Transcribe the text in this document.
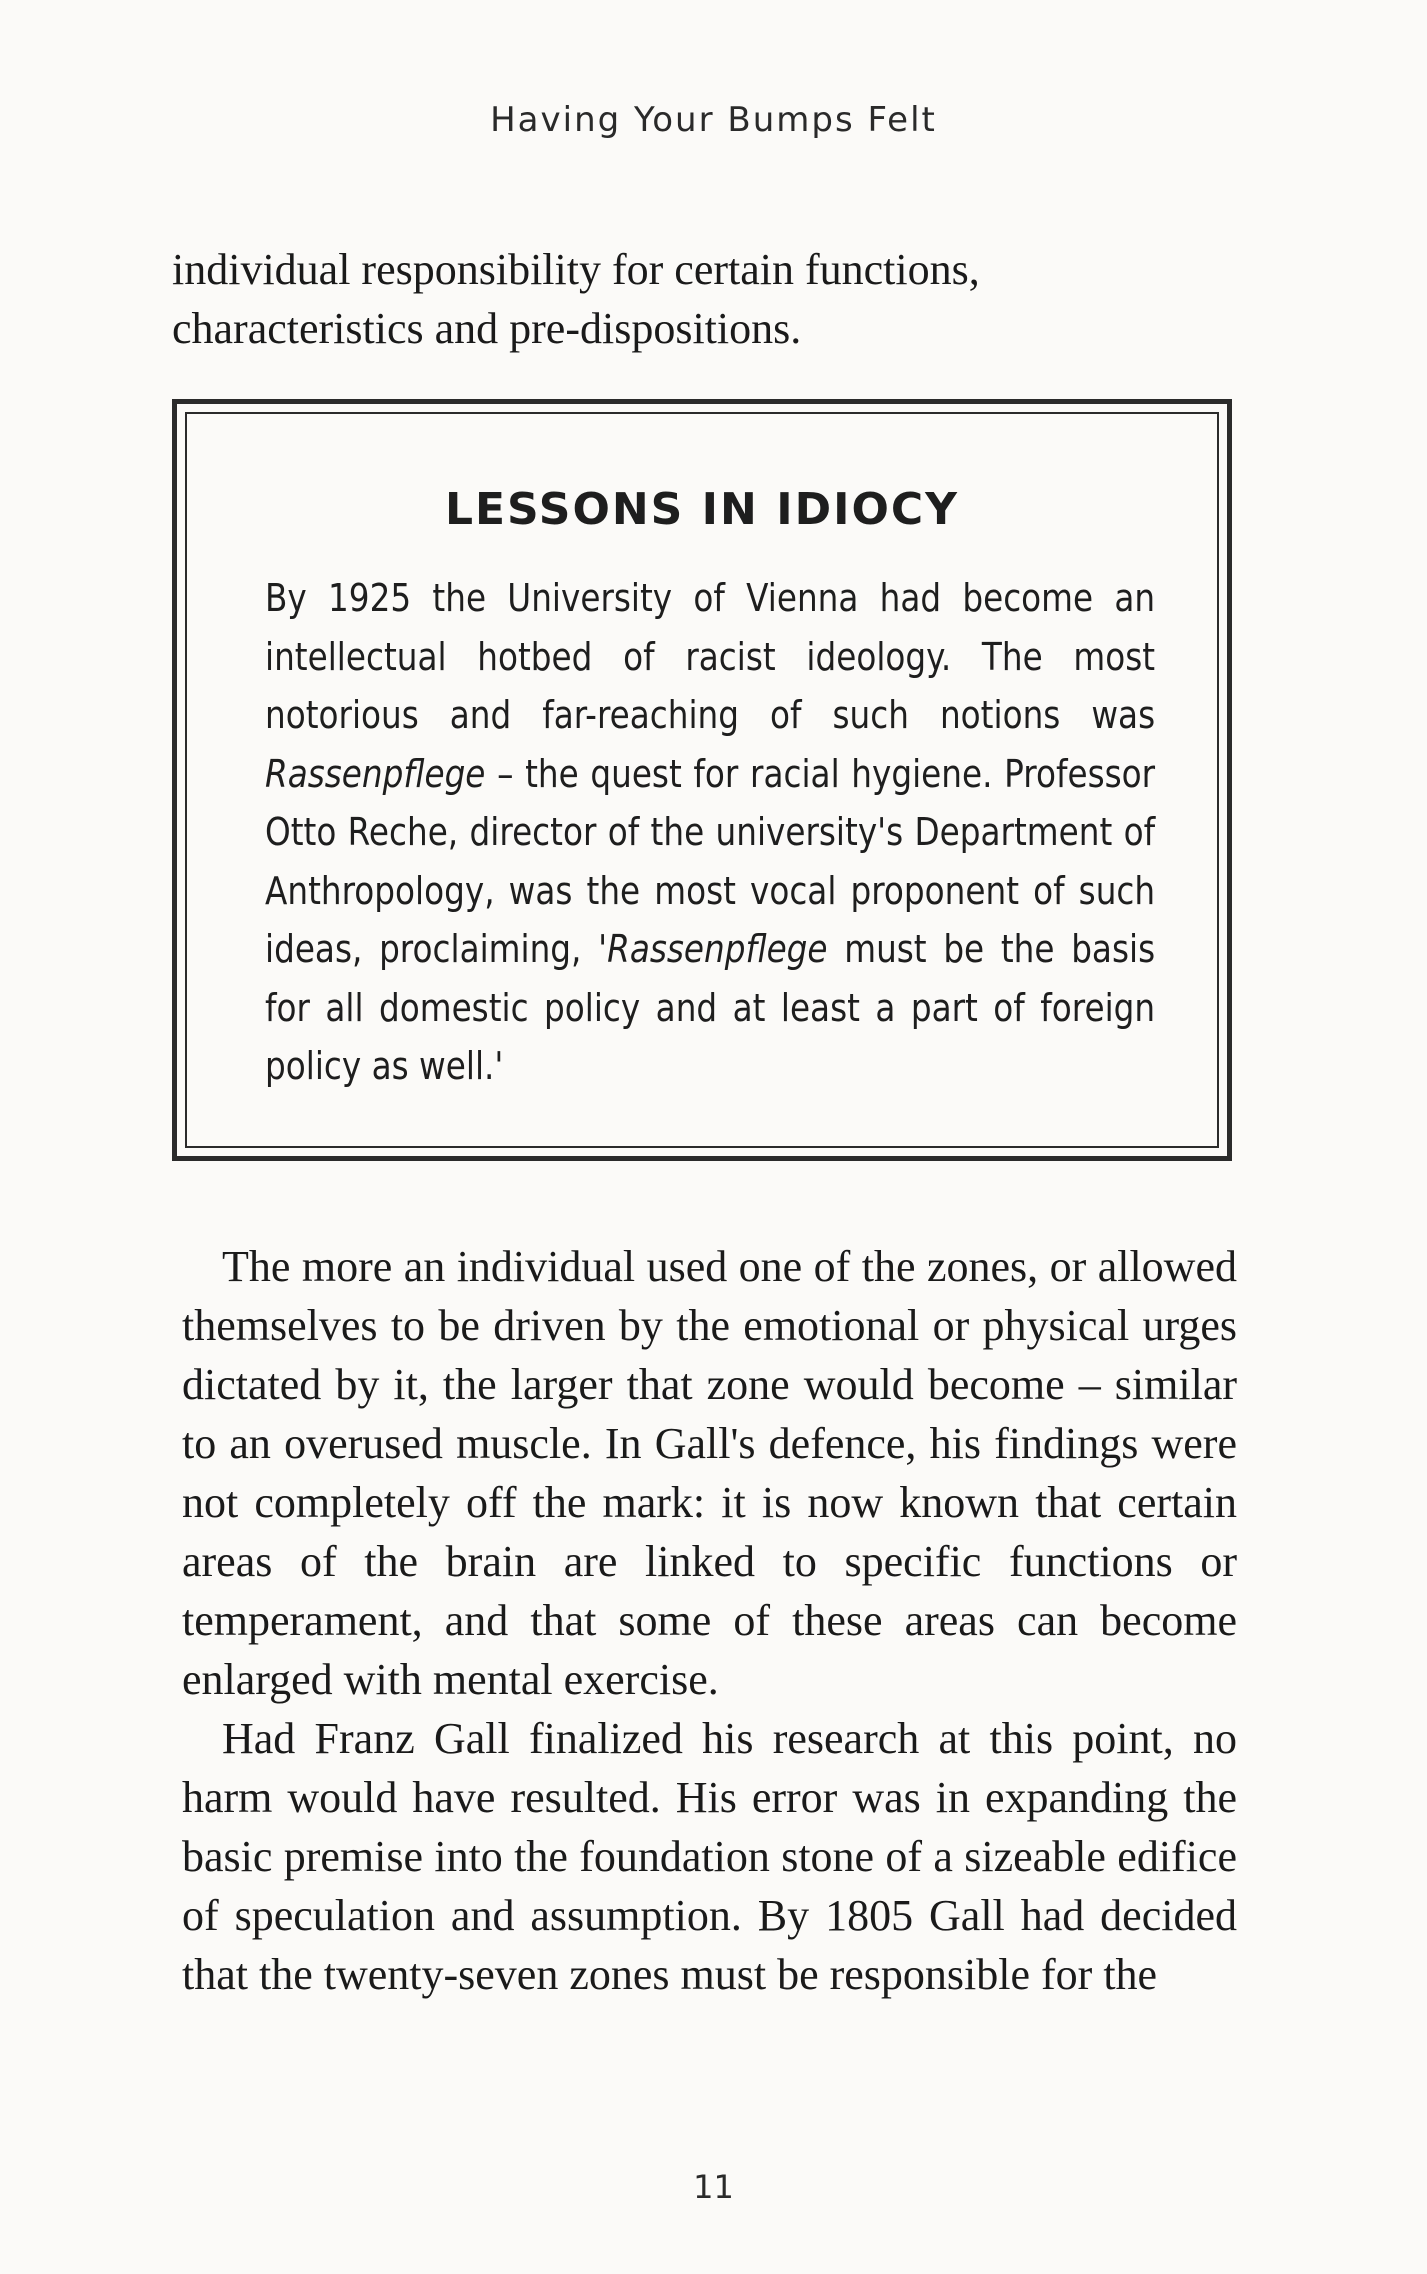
Having Your Bumps Felt

individual responsibility for certain functions, characteristics and pre-dispositions.

LESSONS IN IDIOCY

By 1925 the University of Vienna had become an intellectual hotbed of racist ideology. The most notorious and far-reaching of such notions was Rassenpflege – the quest for racial hygiene. Professor Otto Reche, director of the university's Department of Anthropology, was the most vocal proponent of such ideas, proclaiming, 'Rassenpflege must be the basis for all domestic policy and at least a part of foreign policy as well.'

The more an individual used one of the zones, or allowed themselves to be driven by the emotional or physical urges dictated by it, the larger that zone would become – similar to an overused muscle. In Gall's defence, his findings were not completely off the mark: it is now known that certain areas of the brain are linked to specific functions or temperament, and that some of these areas can become enlarged with mental exercise.

Had Franz Gall finalized his research at this point, no harm would have resulted. His error was in expanding the basic premise into the foundation stone of a sizeable edifice of speculation and assumption. By 1805 Gall had decided that the twenty-seven zones must be responsible for the

11
